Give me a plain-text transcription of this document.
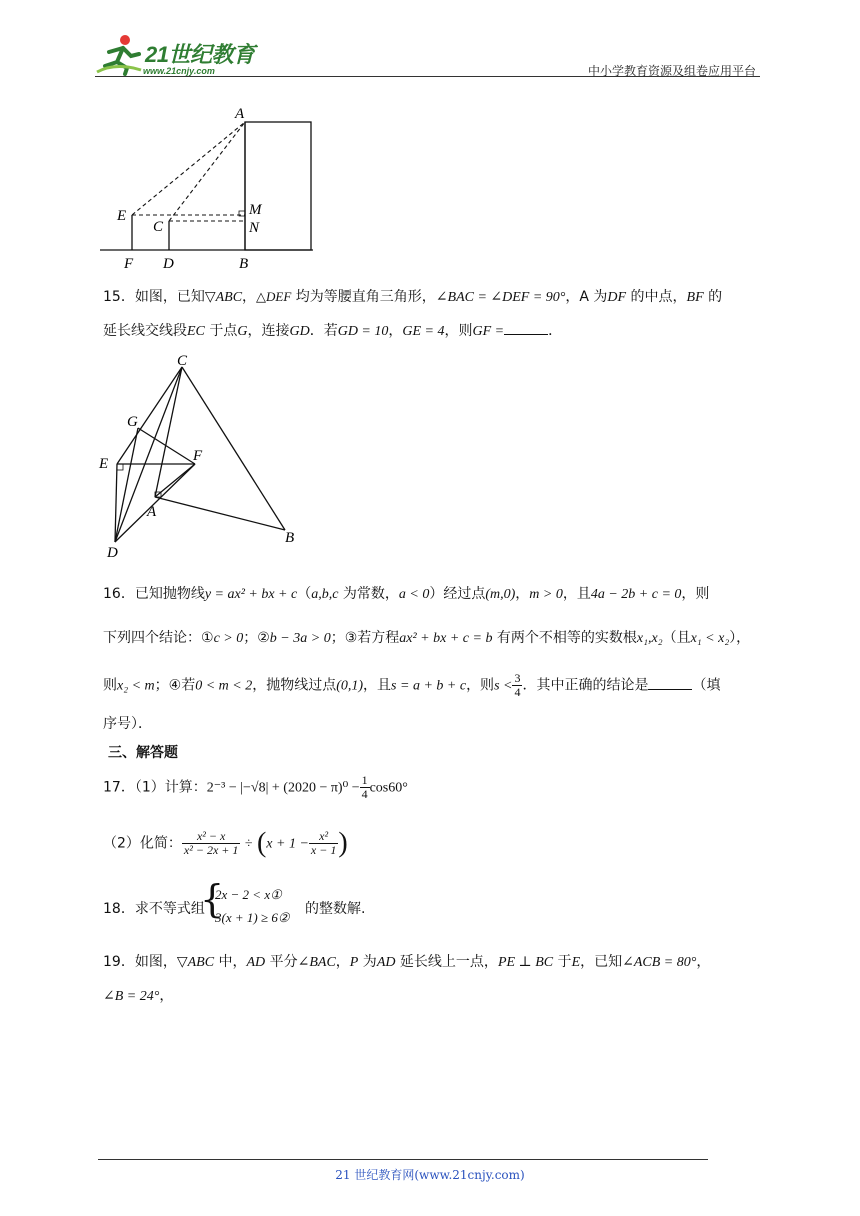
21世纪教育
www.21cnjy.com	中小学教育资源及组卷应用平台
A
E
C
M
N
F D	B
15．如图，已知▽ABC，△DEF 均为等腰直角三角形，∠BAC = ∠DEF = 90°，A 为DF 的中点，BF 的
延长线交线段EC 于点G，连接GD．若GD = 10，GE = 4，则GF =	．
C
G
E	F
A
D
B
16．已知抛物线y = ax² + bx + c（a,b,c 为常数，a < 0）经过点(m,0)，m > 0，且4a − 2b + c = 0，则
下列四个结论：①c > 0；②b − 3a > 0；③若方程ax² + bx + c = b 有两个不相等的实数根x₁,x₂（且x₁ < x₂），
则x₂ < m；④若0 < m < 2，抛物线过点(0,1)，且s = a + b + c，则$s < \frac{3}{4}$ ．其中正确的结论是	（填
序号）．
三、解答题
17．（1）计算：$2^{-3} - |-√8| + (2020 - \pi)^0 - \frac{1}{4} \cos 60^\circ$
（2）化简： $\frac{\text{x² − x}}{\text{x² − 2x + 1}} \div (x + 1 - \frac{\text{x²}}{x - 1}$ )
18．求不等式组
{
2x − 2 < x①
3(x + 1) ≥ 6②
的整数解.
19．如图，▽ABC 中，AD 平分∠BAC，P 为AD 延长线上一点，PE ⊥ BC 于E，已知∠ACB = 80°，
∠B = 24°，
21 世纪教育网(www.21cnjy.com)
